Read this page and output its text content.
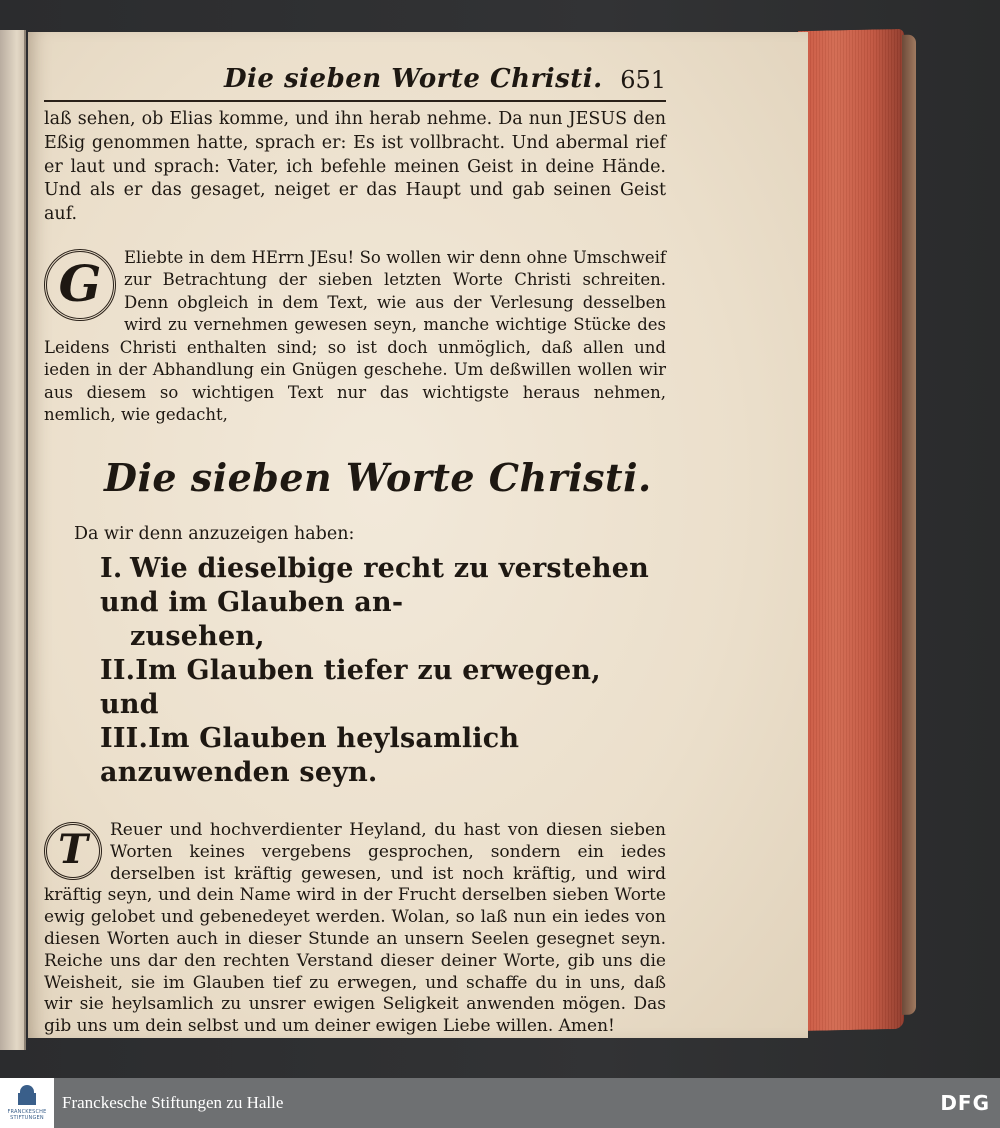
Die sieben Worte Christi. 651

laß sehen, ob Elias komme, und ihn herab nehme. Da nun JESUS den Eßig genommen hatte, sprach er: Es ist vollbracht. Und abermal rief er laut und sprach: Vater, ich befehle meinen Geist in deine Hände. Und als er das gesaget, neiget er das Haupt und gab seinen Geist auf.

G	Eliebte in dem HErrn JEsu! So wollen wir denn ohne Umschweif zur Betrachtung der sieben letzten Worte Christi schreiten. Denn obgleich in dem Text, wie aus der Verlesung desselben wird zu vernehmen gewesen seyn, manche wichtige Stücke des Leidens Christi enthalten sind; so ist doch unmöglich, daß allen und ieden in der Abhandlung ein Gnügen geschehe. Um deßwillen wollen wir aus diesem so wichtigen Text nur das wichtigste heraus nehmen, nemlich, wie gedacht,

Die sieben Worte Christi.
Da wir denn anzuzeigen haben:
I. Wie dieselbige recht zu verstehen und im Glauben an-
zusehen,
II.Im Glauben tiefer zu erwegen, und
III.Im Glauben heylsamlich anzuwenden seyn.

T	Reuer und hochverdienter Heyland, du hast von diesen sieben Worten keines vergebens gesprochen, sondern ein iedes derselben ist kräftig gewesen, und ist noch kräftig, und wird kräftig seyn, und dein Name wird in der Frucht derselben sieben Worte ewig gelobet und gebenedeyet werden. Wolan, so laß nun ein iedes von diesen Worten auch in dieser Stunde an unsern Seelen gesegnet seyn. Reiche uns dar den rechten Verstand dieser deiner Worte, gib uns die Weisheit, sie im Glauben tief zu erwegen, und schaffe du in uns, daß wir sie heylsamlich zu unsrer ewigen Seligkeit anwenden mögen. Das gib uns um dein selbst und um deiner ewigen Liebe willen. Amen!

FRANCKESCHE STIFTUNGEN
Franckesche Stiftungen zu Halle	DFG
